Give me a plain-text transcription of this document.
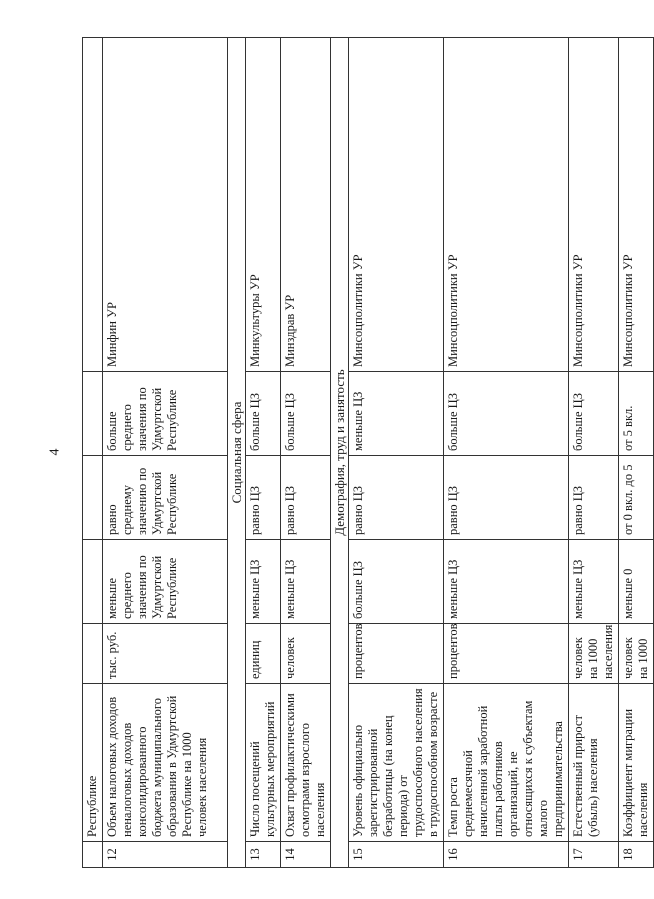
4
	Республике					
12	Объем налоговых доходов неналоговых доходов консолидированного бюджета муниципального образования в Удмуртской Республике на 1000 человек населения	тыс. руб.	меньше среднего значения по Удмуртской Республике	равно среднему значению по Удмуртской Республике	больше среднего значения по Удмуртской Республике	Минфин УР
Социальная сфера						
13	Число посещений культурных мероприятий	единиц	меньше ЦЗ	равно ЦЗ	больше ЦЗ	Минкультуры УР
14	Охват профилактическими осмотрами взрослого населения	человек	меньше ЦЗ	равно ЦЗ	больше ЦЗ	Минздрав УР
Демография, труд и занятость						
15	Уровень официально зарегистрированной безработицы (на конец периода) от трудоспособного населения в трудоспособном возрасте	процентов	больше ЦЗ	равно ЦЗ	меньше ЦЗ	Минсоцполитики УР
16	Темп роста среднемесячной начисленной заработной платы работников организаций, не относящихся к субъектам малого предпринимательства	процентов	меньше ЦЗ	равно ЦЗ	больше ЦЗ	Минсоцполитики УР
17	Естественный прирост (убыль) населения	человек на 1000 населения	меньше ЦЗ	равно ЦЗ	больше ЦЗ	Минсоцполитики УР
18	Коэффициент миграции населения	человек на 1000	меньше 0	от 0 вкл. до 5	от 5 вкл.	Минсоцполитики УР
